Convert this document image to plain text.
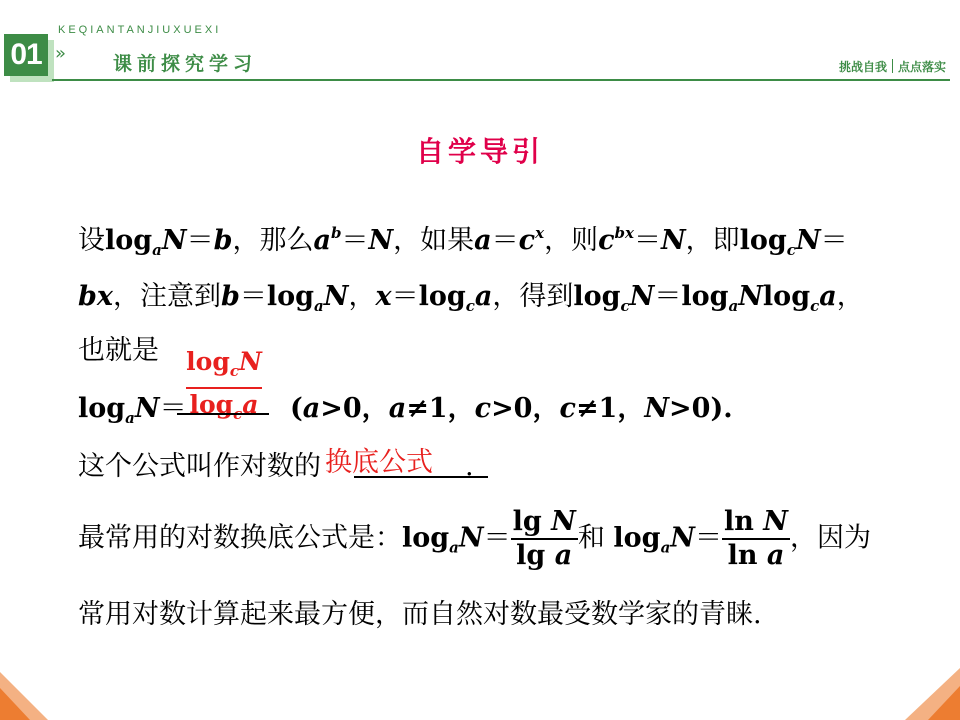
01
KEQIANTANJIUXUEXI
» 课前探究学习	挑战自我 点点落实
自学导引
设$\log_aN=b$，那么$a^b=N$，如果$a=c^x$，则$c^{bx}=N$，即$\log_cN=$
bx，注意到$b=\log_aN$，$x=\log_ca$，得到$\log_cN=\log_aNlog_ca$，
也就是 $\frac{\log_cN}{\log_ca}$
$\log_aN=$	(a>0，a≠1，c>0，c≠1，N>0).
这个公式叫作对数的 换底公式 .
最常用的对数换底公式是：$\log_aN= \frac{\text{lg N}}{\text{lg a}}$ 和 $\log_aN= \frac{\text{ln N}}{\text{ln a}}$ ，因为
常用对数计算起来最方便，而自然对数最受数学家的青睐.
